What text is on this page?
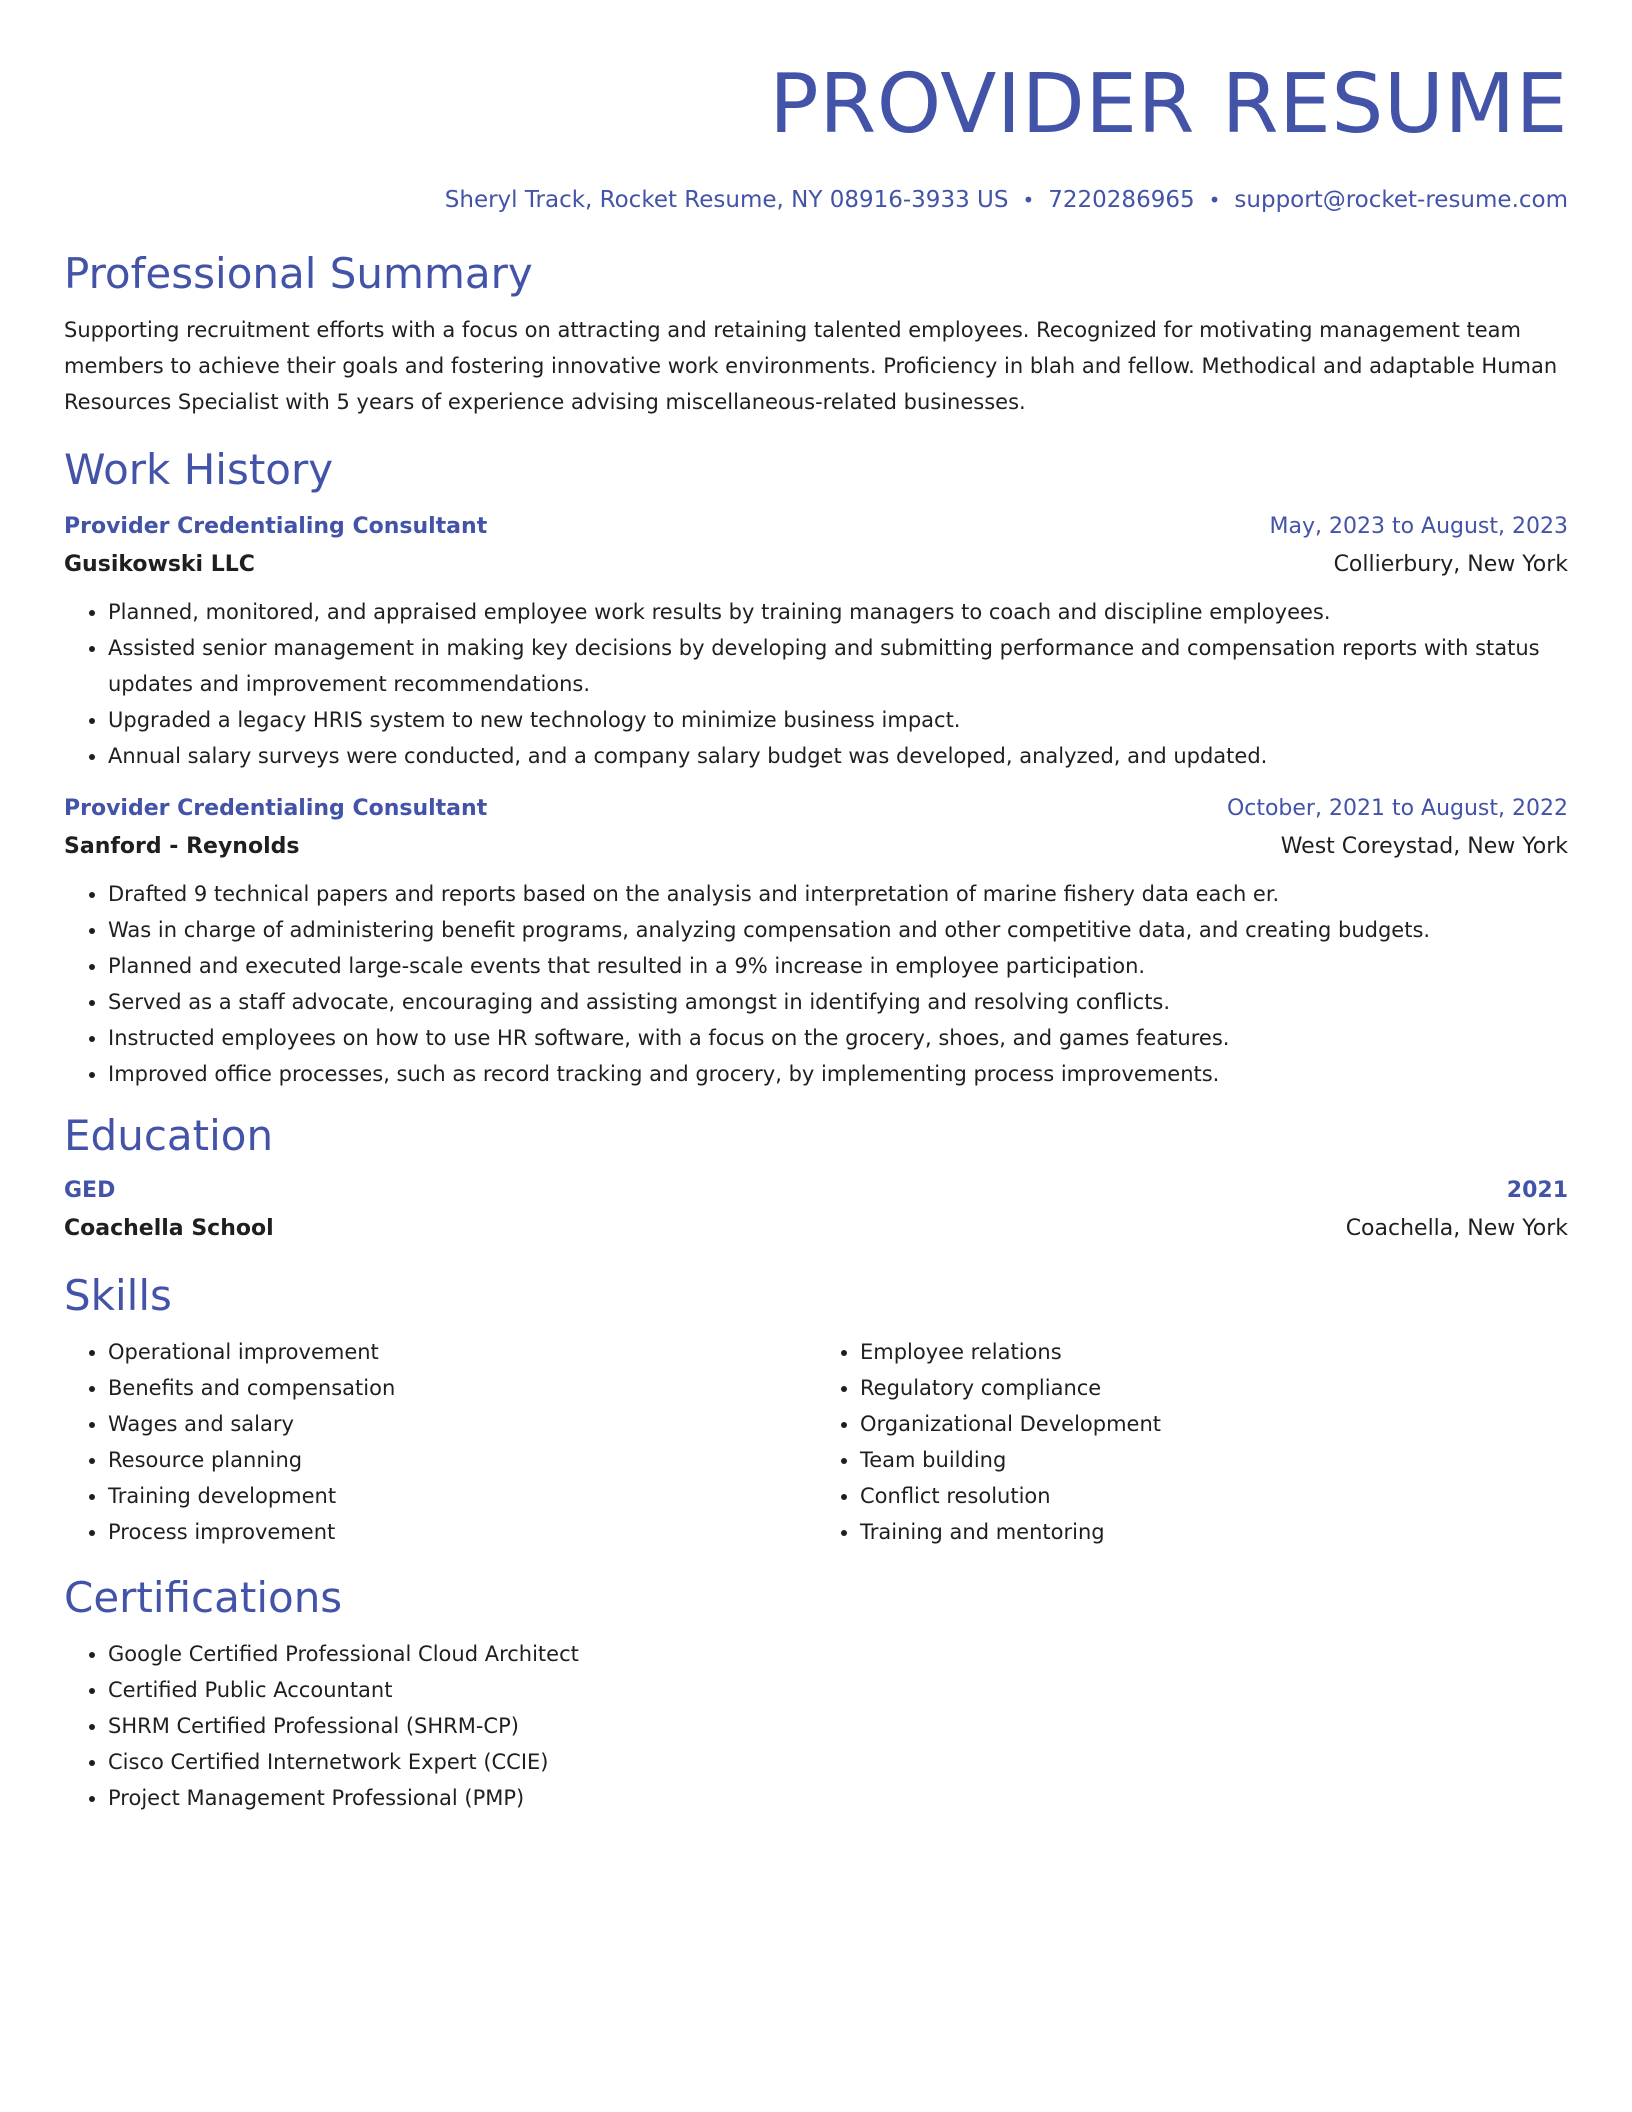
PROVIDER RESUME
Sheryl Track, Rocket Resume, NY 08916-3933 US • 7220286965 • support@rocket-resume.com
Professional Summary
Supporting recruitment efforts with a focus on attracting and retaining talented employees. Recognized for motivating management team members to achieve their goals and fostering innovative work environments. Proficiency in blah and fellow. Methodical and adaptable Human Resources Specialist with 5 years of experience advising miscellaneous-related businesses.
Work History
Provider Credentialing Consultant	May, 2023 to August, 2023
Gusikowski LLC	Collierbury, New York
• Planned, monitored, and appraised employee work results by training managers to coach and discipline employees.
• Assisted senior management in making key decisions by developing and submitting performance and compensation reports with status updates and improvement recommendations.
• Upgraded a legacy HRIS system to new technology to minimize business impact.
• Annual salary surveys were conducted, and a company salary budget was developed, analyzed, and updated.
Provider Credentialing Consultant	October, 2021 to August, 2022
Sanford - Reynolds	West Coreystad, New York
• Drafted 9 technical papers and reports based on the analysis and interpretation of marine fishery data each er.
• Was in charge of administering benefit programs, analyzing compensation and other competitive data, and creating budgets.
• Planned and executed large-scale events that resulted in a 9% increase in employee participation.
• Served as a staff advocate, encouraging and assisting amongst in identifying and resolving conflicts.
• Instructed employees on how to use HR software, with a focus on the grocery, shoes, and games features.
• Improved office processes, such as record tracking and grocery, by implementing process improvements.
Education
GED	2021
Coachella School	Coachella, New York
Skills
• Operational improvement
• Benefits and compensation
• Wages and salary
• Resource planning
• Training development
• Process improvement
• Employee relations
• Regulatory compliance
• Organizational Development
• Team building
• Conflict resolution
• Training and mentoring
Certifications
• Google Certified Professional Cloud Architect
• Certified Public Accountant
• SHRM Certified Professional (SHRM-CP)
• Cisco Certified Internetwork Expert (CCIE)
• Project Management Professional (PMP)
